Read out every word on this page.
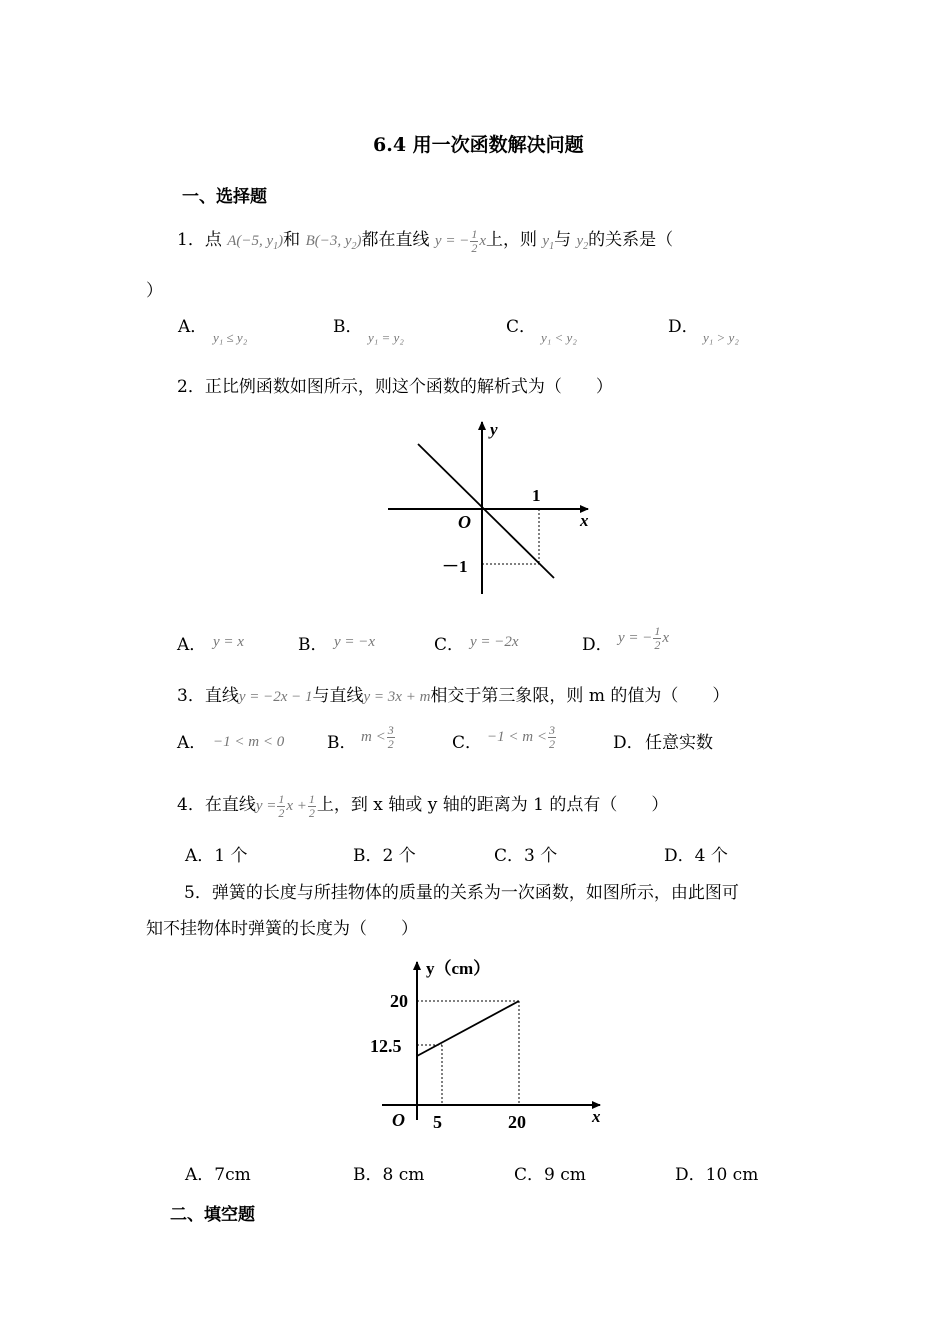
6.4 用一次函数解决问题
一、选择题
1．点 A(−5, $y_1$)和 B(−3, $y_2$)都在直线 y = − $\frac{1}{2}$ x上，则 $y_1$与 $y_2$的关系是（
）
A．
y₁ ≤ y₂
B．
y₁ = y₂
C．
y₁ < y₂
D．
y₁ > y₂
2．正比例函数如图所示，则这个函数的解析式为（　　）
y
x
O
1
－1
A． y = x	B． y = −x	C． y = −2x	D． y = − $\frac{1}{2}$ x
3．直线y = −2x − 1与直线y = 3x + m相交于第三象限，则 m 的值为（　　）
A． −1 < m < 0	B． $m < \frac{3}{2}$	C． $-1 < m < \frac{3}{2}$	D． 任意实数
4．在直线$y = \frac{1}{2}$ $x + \frac{1}{2}$ 上，到 x 轴或 y 轴的距离为 1 的点有（　　）
A．1 个	B．2 个	C．3 个	D．4 个
5．弹簧的长度与所挂物体的质量的关系为一次函数，如图所示，由此图可
知不挂物体时弹簧的长度为（　　）
y（cm）
x
O
20
12.5
5	20
A．7cm	B．8 cm	C．9 cm	D．10 cm
二、填空题
